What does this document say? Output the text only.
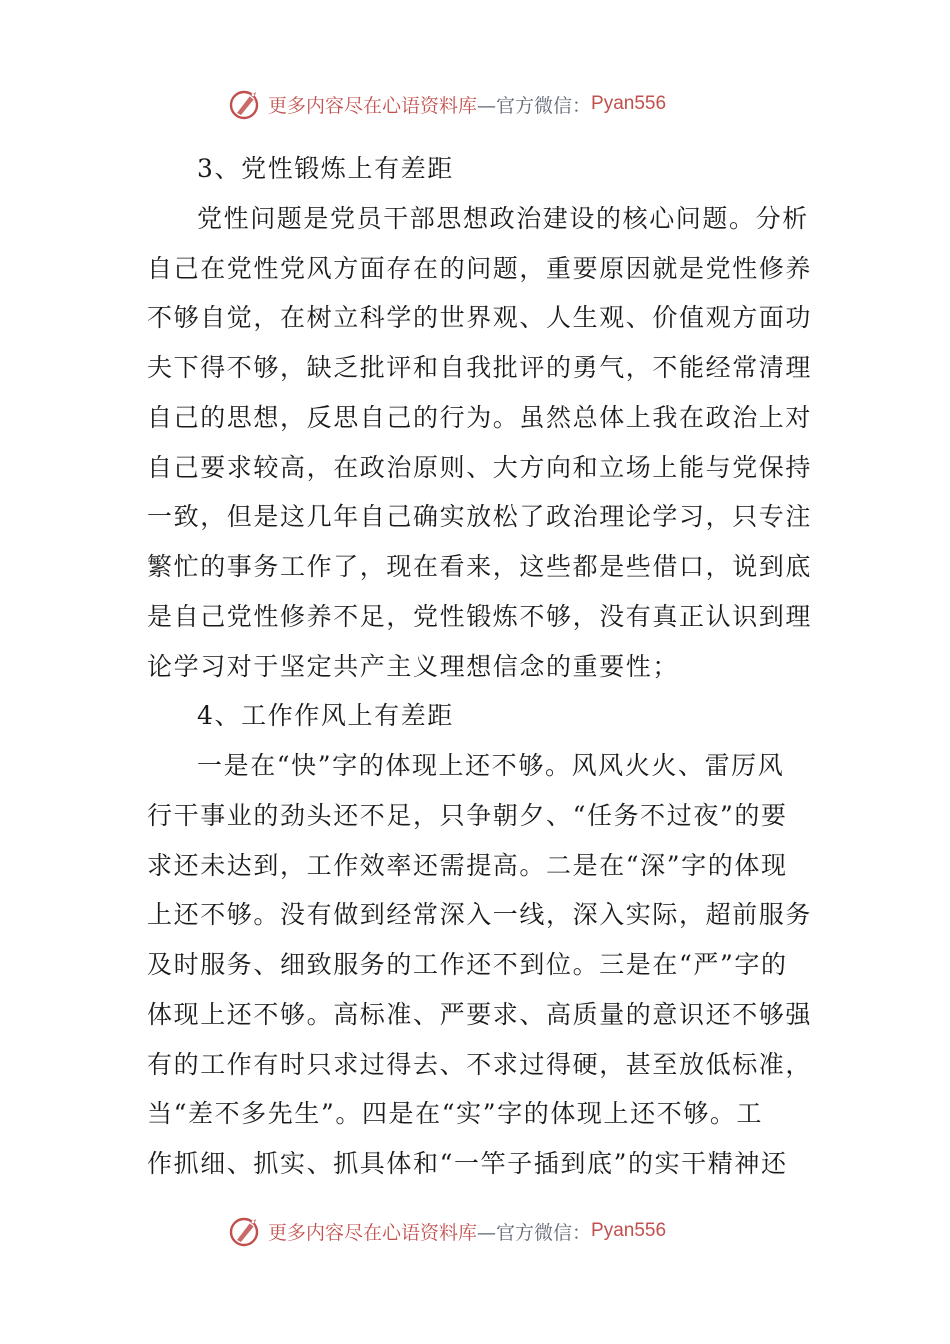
更多内容尽在心语资料库 —官方微信： Pyan556
3、党性锻炼上有差距
党性问题是党员干部思想政治建设的核心问题。分析
自己在党性党风方面存在的问题，重要原因就是党性修养
不够自觉，在树立科学的世界观、人生观、价值观方面功
夫下得不够，缺乏批评和自我批评的勇气，不能经常清理
自己的思想，反思自己的行为。虽然总体上我在政治上对
自己要求较高，在政治原则、大方向和立场上能与党保持
一致，但是这几年自己确实放松了政治理论学习，只专注
繁忙的事务工作了，现在看来，这些都是些借口，说到底
是自己党性修养不足，党性锻炼不够，没有真正认识到理
论学习对于坚定共产主义理想信念的重要性；
4、工作作风上有差距
一是在“快”字的体现上还不够。风风火火、雷厉风
行干事业的劲头还不足，只争朝夕、“任务不过夜”的要
求还未达到，工作效率还需提高。二是在“深”字的体现
上还不够。没有做到经常深入一线，深入实际，超前服务
及时服务、细致服务的工作还不到位。三是在“严”字的
体现上还不够。高标准、严要求、高质量的意识还不够强
有的工作有时只求过得去、不求过得硬，甚至放低标准，
当“差不多先生”。四是在“实”字的体现上还不够。工
作抓细、抓实、抓具体和“一竿子插到底”的实干精神还
更多内容尽在心语资料库 —官方微信： Pyan556
